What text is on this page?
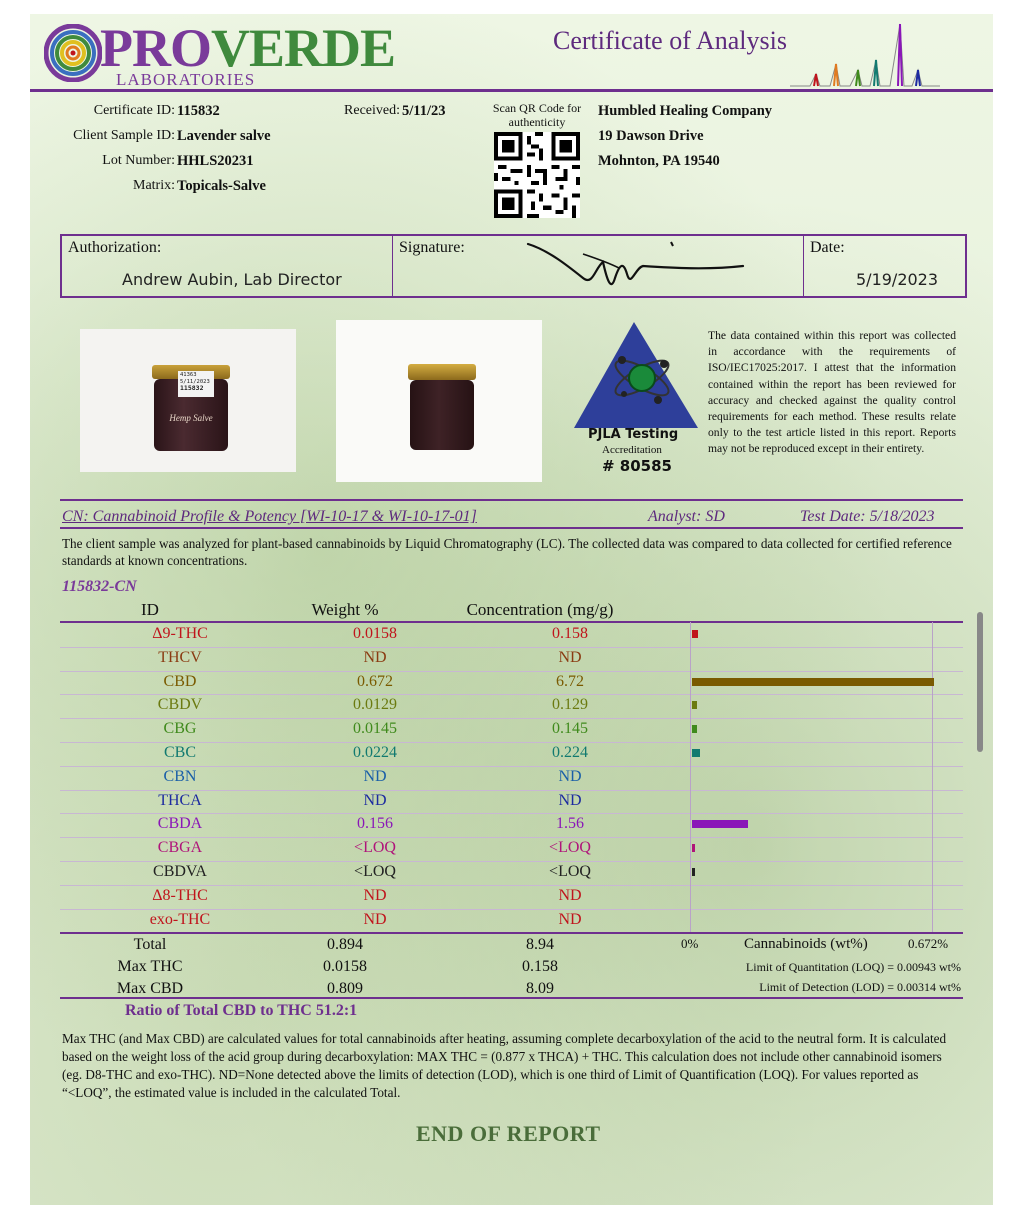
PROVERDE
LABORATORIES
Certificate of Analysis
Certificate ID: 115832
Client Sample ID: Lavender salve
Lot Number: HHLS20231
Matrix: Topicals-Salve
Received: 5/11/23	Scan QR Code for authenticity
Humbled Healing Company
19 Dawson Drive
Mohnton, PA 19540
Authorization:
Andrew Aubin, Lab Director
Signature:	Date:
5/19/2023
41363
5/11/2023
115832
Hemp Salve
PJLA Testing
Accreditation
# 80585
The data contained within this report was collected in accordance with the requirements of ISO/IEC17025:2017. I attest that the information contained within the report has been reviewed for accuracy and checked against the quality control requirements for each method. These results relate only to the test article listed in this report. Reports may not be reproduced except in their entirety.
CN: Cannabinoid Profile & Potency [WI-10-17 & WI-10-17-01]	Analyst: SD	Test Date: 5/18/2023
The client sample was analyzed for plant-based cannabinoids by Liquid Chromatography (LC). The collected data was compared to data collected for certified reference standards at known concentrations.
115832-CN
ID	Weight %	Concentration (mg/g)
Δ9-THC	0.0158	0.158
THCV	ND	ND
CBD	0.672	6.72
CBDV	0.0129	0.129
CBG	0.0145	0.145
CBC	0.0224	0.224
CBN	ND	ND
THCA	ND	ND
CBDA	0.156	1.56
CBGA	<LOQ	<LOQ
CBDVA	<LOQ	<LOQ
Δ8-THC	ND	ND
exo-THC	ND	ND
Total	0.894	8.94
Max THC	0.0158	0.158
Max CBD	0.809	8.09
0%	Cannabinoids (wt%)	0.672%
Limit of Quantitation (LOQ) = 0.00943 wt%
Limit of Detection (LOD) = 0.00314 wt%
Ratio of Total CBD to THC 51.2:1
Max THC (and Max CBD) are calculated values for total cannabinoids after heating, assuming complete decarboxylation of the acid to the neutral form. It is calculated based on the weight loss of the acid group during decarboxylation: MAX THC = (0.877 x THCA) + THC. This calculation does not include other cannabinoid isomers (eg. D8-THC and exo-THC). ND=None detected above the limits of detection (LOD), which is one third of Limit of Quantification (LOQ). For values reported as “<LOQ”, the estimated value is included in the calculated Total.
END OF REPORT
